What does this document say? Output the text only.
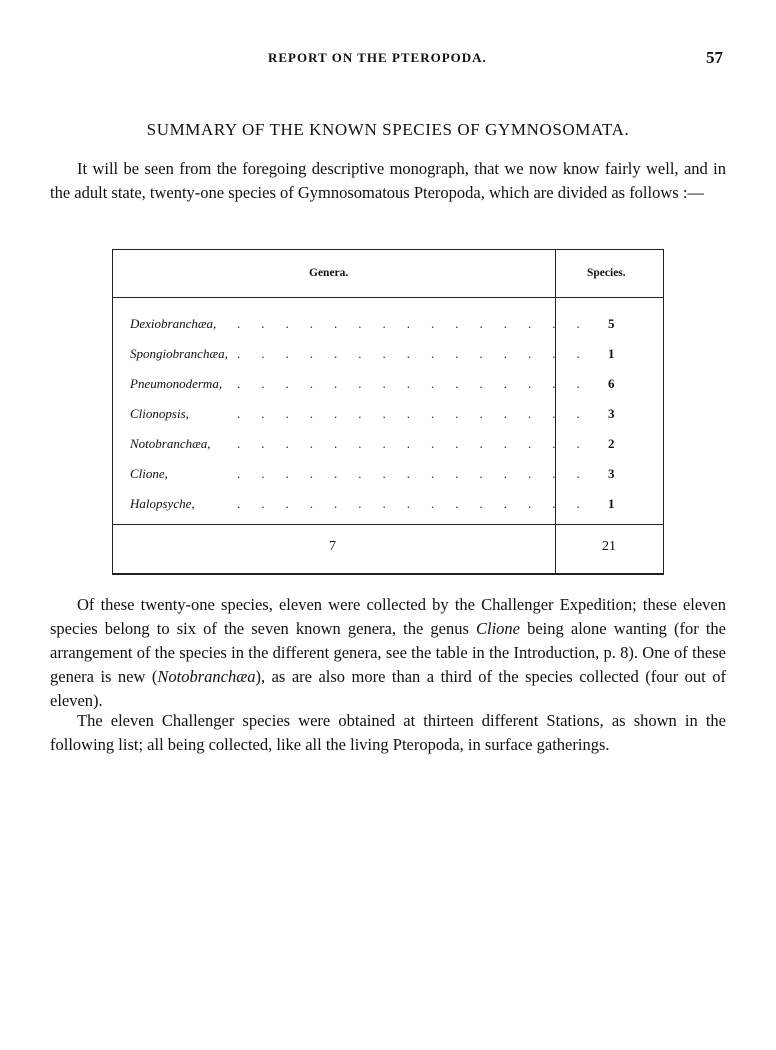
REPORT ON THE PTEROPODA.	57
SUMMARY OF THE KNOWN SPECIES OF GYMNOSOMATA.

It will be seen from the foregoing descriptive monograph, that we now know fairly well, and in the adult state, twenty-one species of Gymnosomatous Pteropoda, which are divided as follows :—

Genera.	Species.
Dexiobranchæa, ............... 5
Spongiobranchæa, ............... 1
Pneumonoderma, ............... 6
Clionopsis,	............... 3
Notobranchæa, ............... 2
Clione,	............... 3
Halopsyche,	............... 1
7	21

Of these twenty-one species, eleven were collected by the Challenger Expedition; these eleven species belong to six of the seven known genera, the genus Clione being alone wanting (for the arrangement of the species in the different genera, see the table in the Introduction, p. 8). One of these genera is new (Notobranchæa), as are also more than a third of the species collected (four out of eleven).

The eleven Challenger species were obtained at thirteen different Stations, as shown in the following list; all being collected, like all the living Pteropoda, in surface gatherings.
